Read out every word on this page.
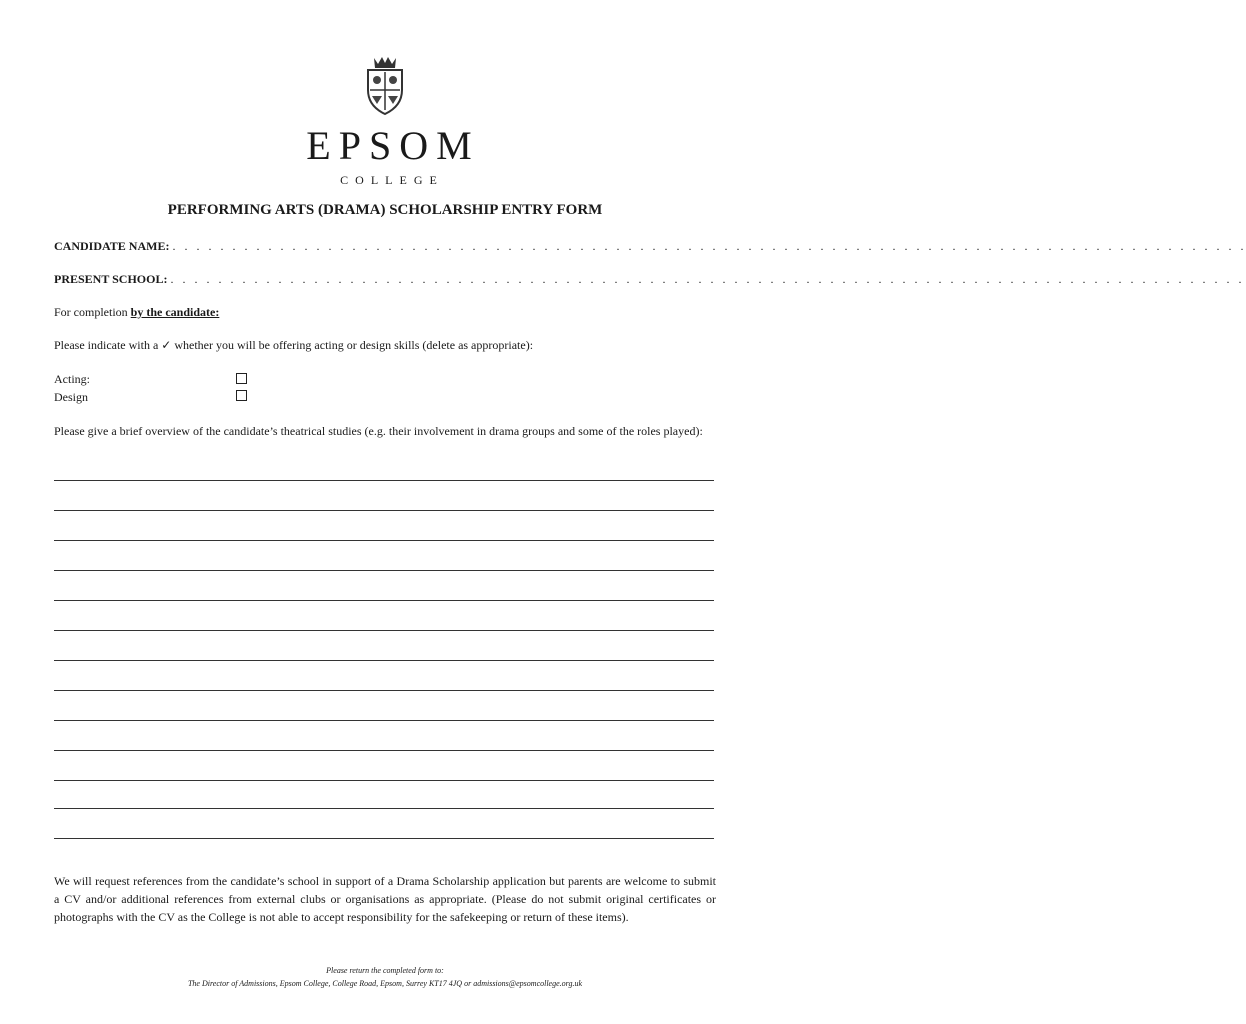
EPSOM
COLLEGE
PERFORMING ARTS (DRAMA) SCHOLARSHIP ENTRY FORM
CANDIDATE NAME: . . . . . . . . . . . . . . . . . . . . . . . . . . . . . . . . . . . . . . . . . . . . . . . . . . . . . . . . . . . . . . . . . . . . . . . . . . . . . . . . . . . . . . . . . .
PRESENT SCHOOL: . . . . . . . . . . . . . . . . . . . . . . . . . . . . . . . . . . . . . . . . . . . . . . . . . . . . . . . . . . . . . . . . . . . . . . . . . . . . . . . . . . . . . . . . . .
For completion by the candidate:
Please indicate with a ✓ whether you will be offering acting or design skills (delete as appropriate):
Acting:
Design
Please give a brief overview of the candidate’s theatrical studies (e.g. their involvement in drama groups and some of the roles played):
We will request references from the candidate’s school in support of a Drama Scholarship application but parents are welcome to submit a CV and/or additional references from external clubs or organisations as appropriate. (Please do not submit original certificates or photographs with the CV as the College is not able to accept responsibility for the safekeeping or return of these items).
Please return the completed form to:
The Director of Admissions, Epsom College, College Road, Epsom, Surrey KT17 4JQ or admissions@epsomcollege.org.uk
